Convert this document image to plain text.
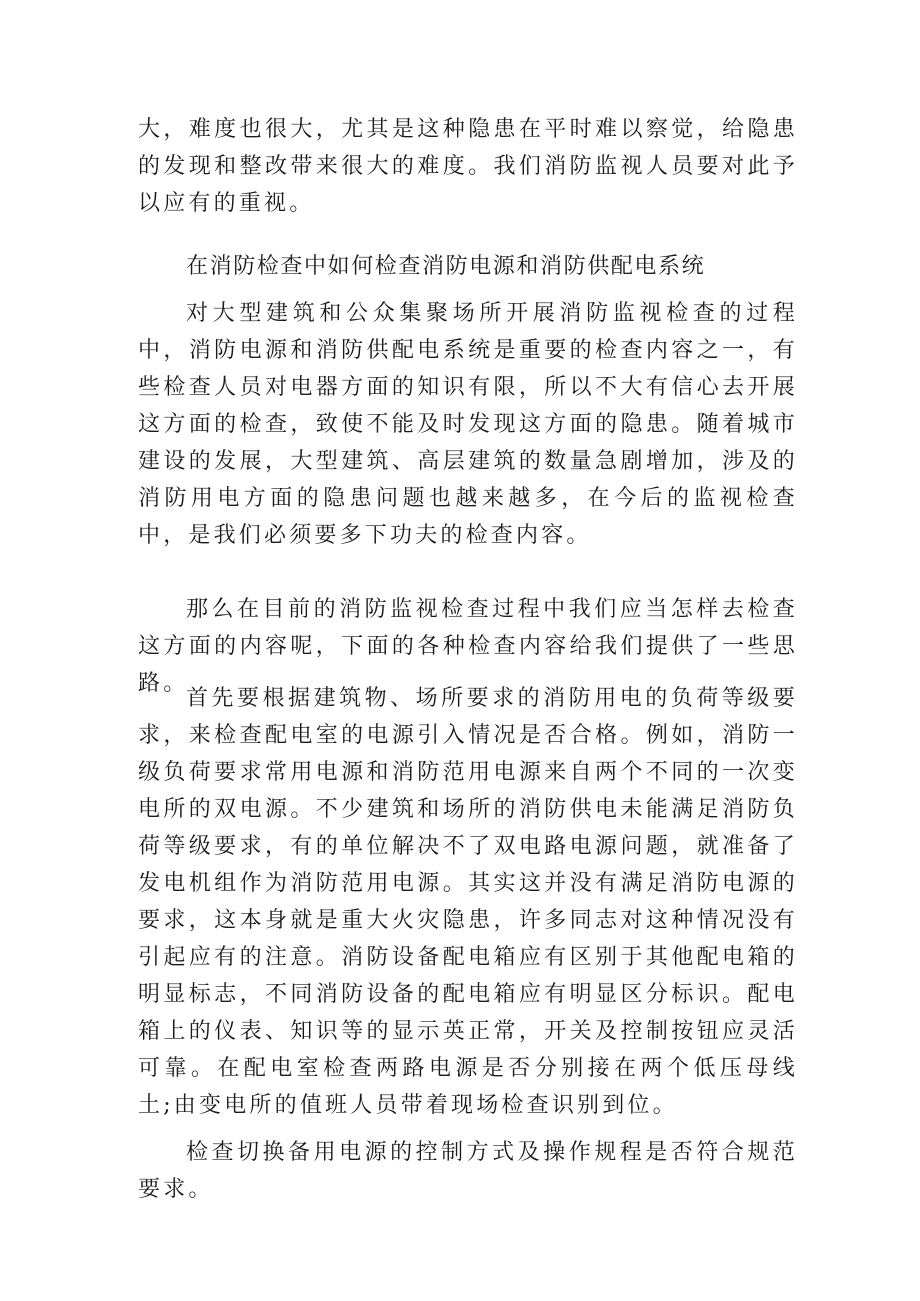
大，难度也很大，尤其是这种隐患在平时难以察觉，给隐患的发现和整改带来很大的难度。我们消防监视人员要对此予以应有的重视。

在消防检查中如何检查消防电源和消防供配电系统

对大型建筑和公众集聚场所开展消防监视检查的过程中，消防电源和消防供配电系统是重要的检查内容之一，有些检查人员对电器方面的知识有限，所以不大有信心去开展这方面的检查，致使不能及时发现这方面的隐患。随着城市建设的发展，大型建筑、高层建筑的数量急剧增加，涉及的消防用电方面的隐患问题也越来越多，在今后的监视检查中，是我们必须要多下功夫的检查内容。

那么在目前的消防监视检查过程中我们应当怎样去检查这方面的内容呢，下面的各种检查内容给我们提供了一些思路。

首先要根据建筑物、场所要求的消防用电的负荷等级要求，来检查配电室的电源引入情况是否合格。例如，消防一级负荷要求常用电源和消防范用电源来自两个不同的一次变电所的双电源。不少建筑和场所的消防供电未能满足消防负荷等级要求，有的单位解决不了双电路电源问题，就准备了发电机组作为消防范用电源。其实这并没有满足消防电源的要求，这本身就是重大火灾隐患，许多同志对这种情况没有引起应有的注意。消防设备配电箱应有区别于其他配电箱的明显标志，不同消防设备的配电箱应有明显区分标识。配电箱上的仪表、知识等的显示英正常，开关及控制按钮应灵活可靠。在配电室检查两路电源是否分别接在两个低压母线土;由变电所的值班人员带着现场检查识别到位。

检查切换备用电源的控制方式及操作规程是否符合规范要求。
